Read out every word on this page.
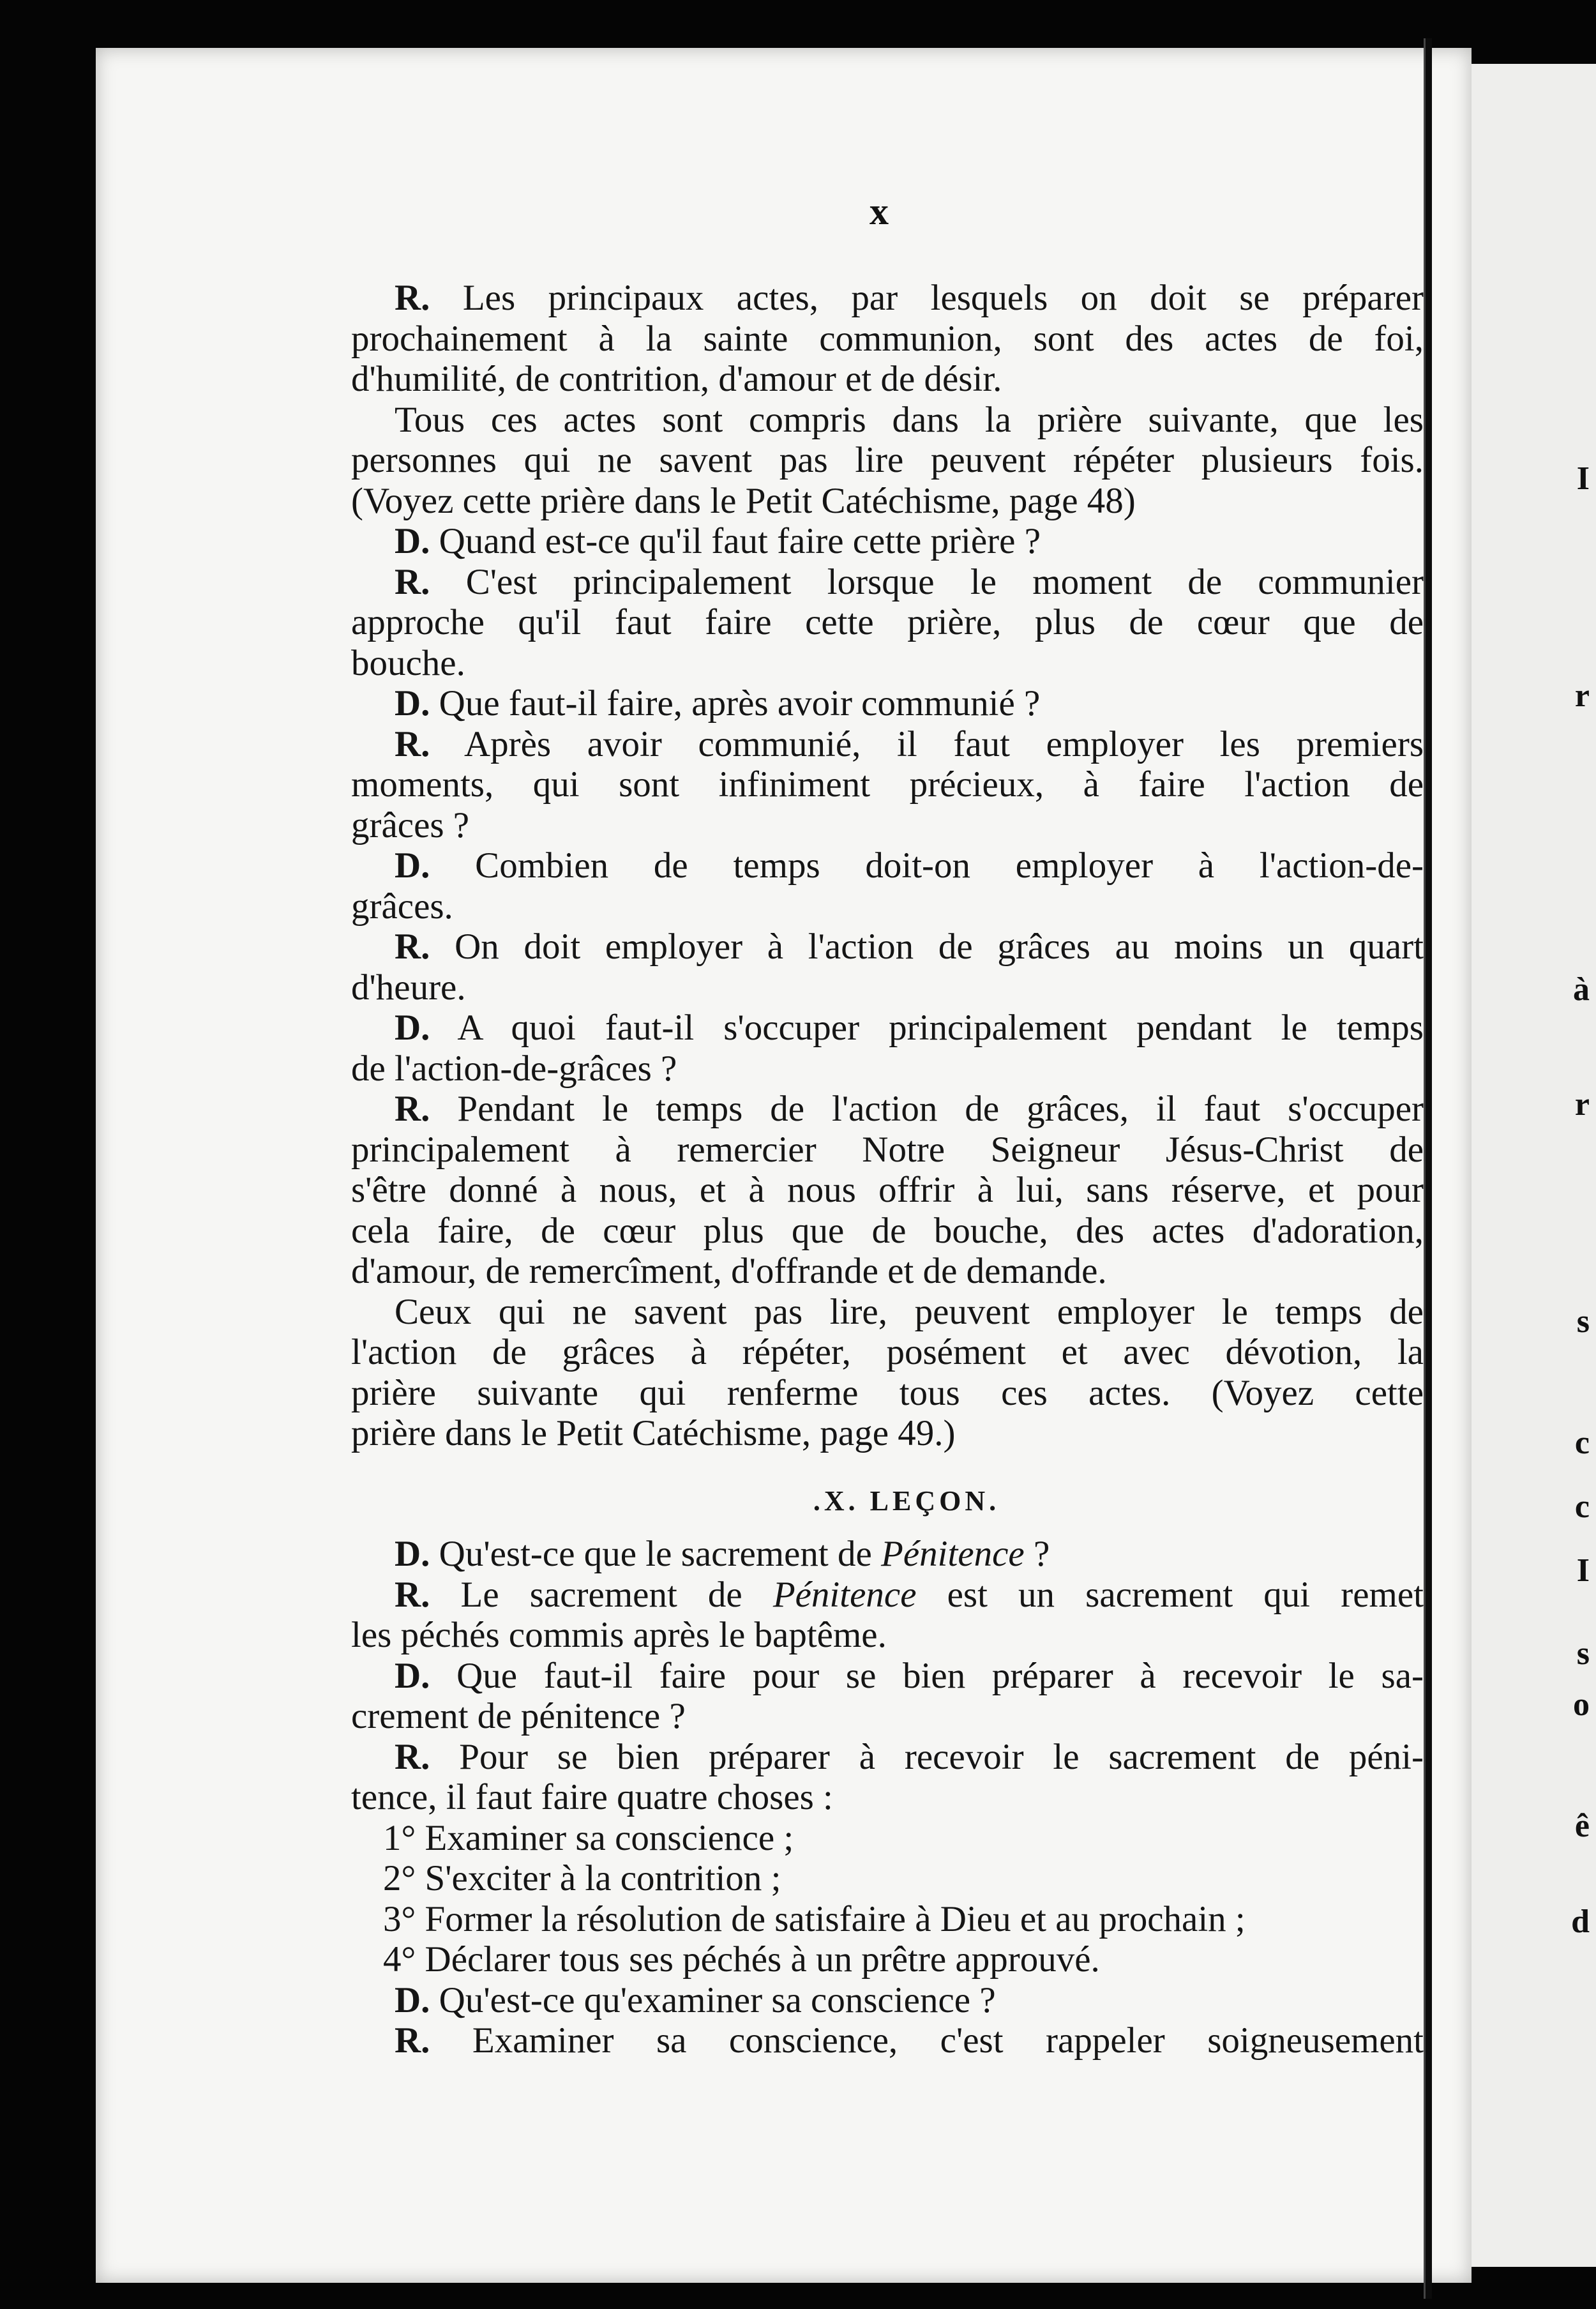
x
R. Les principaux actes, par lesquels on doit se préparer
prochainement à la sainte communion, sont des actes de foi,
d'humilité, de contrition, d'amour et de désir.
Tous ces actes sont compris dans la prière suivante, que les
personnes qui ne savent pas lire peuvent répéter plusieurs fois.
(Voyez cette prière dans le Petit Catéchisme, page 48)
D. Quand est-ce qu'il faut faire cette prière ?
R. C'est principalement lorsque le moment de communier
approche qu'il faut faire cette prière, plus de cœur que de
bouche.
D. Que faut-il faire, après avoir communié ?
R. Après avoir communié, il faut employer les premiers
moments, qui sont infiniment précieux, à faire l'action de
grâces ?
D. Combien de temps doit-on employer à l'action-de-
grâces.
R. On doit employer à l'action de grâces au moins un quart
d'heure.
D. A quoi faut-il s'occuper principalement pendant le temps
de l'action-de-grâces ?
R. Pendant le temps de l'action de grâces, il faut s'occuper
principalement à remercier Notre Seigneur Jésus-Christ de
s'être donné à nous, et à nous offrir à lui, sans réserve, et pour
cela faire, de cœur plus que de bouche, des actes d'adoration,
d'amour, de remercîment, d'offrande et de demande.
Ceux qui ne savent pas lire, peuvent employer le temps de
l'action de grâces à répéter, posément et avec dévotion, la
prière suivante qui renferme tous ces actes. (Voyez cette
prière dans le Petit Catéchisme, page 49.)
.X. LEÇON.
D. Qu'est-ce que le sacrement de Pénitence ?
R. Le sacrement de Pénitence est un sacrement qui remet
les péchés commis après le baptême.
D. Que faut-il faire pour se bien préparer à recevoir le sa-
crement de pénitence ?
R. Pour se bien préparer à recevoir le sacrement de péni-
tence, il faut faire quatre choses :
1° Examiner sa conscience ;
2° S'exciter à la contrition ;
3° Former la résolution de satisfaire à Dieu et au prochain ;
4° Déclarer tous ses péchés à un prêtre approuvé.
D. Qu'est-ce qu'examiner sa conscience ?
R. Examiner sa conscience, c'est rappeler soigneusement
I
r
à
r
s
c
c
I
s
o
ê
d
